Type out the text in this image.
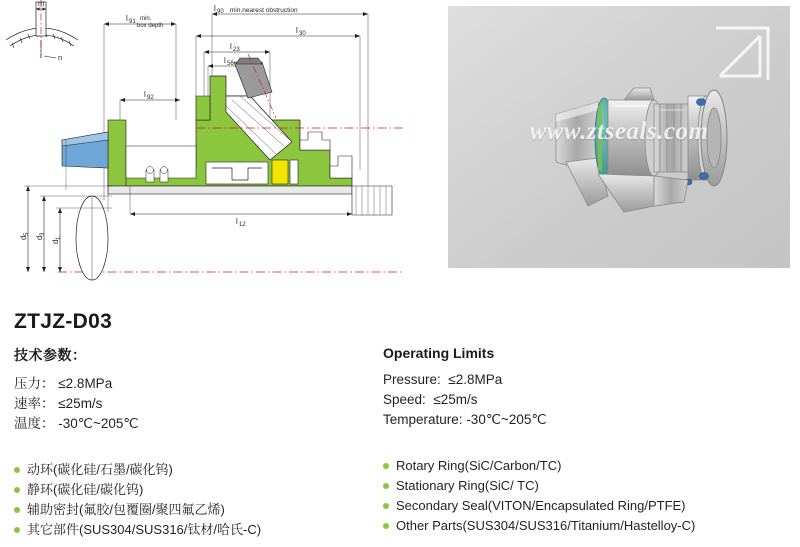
m
n
l 90 min.nearest obstruction
l 91 min.
box depth	l 30
l 23
l 56
l 92
l 12
d
5
d
3
d
1
www.ztseals.com
ZTJZ-D03
技术参数：
压力： ≤2.8MPa
速率： ≤25m/s
温度： -30℃~205℃
动环(碳化硅/石墨/碳化钨)
静环(碳化硅/碳化钨)
辅助密封(氟胶/包覆圈/聚四氟乙烯)
其它部件(SUS304/SUS316/钛材/哈氏-C)
Operating Limits
Pressure: ≤2.8MPa
Speed: ≤25m/s
Temperature: -30℃~205℃
Rotary Ring(SiC/Carbon/TC)
Stationary Ring(SiC/ TC)
Secondary Seal(VITON/Encapsulated Ring/PTFE)
Other Parts(SUS304/SUS316/Titanium/Hastelloy-C)
